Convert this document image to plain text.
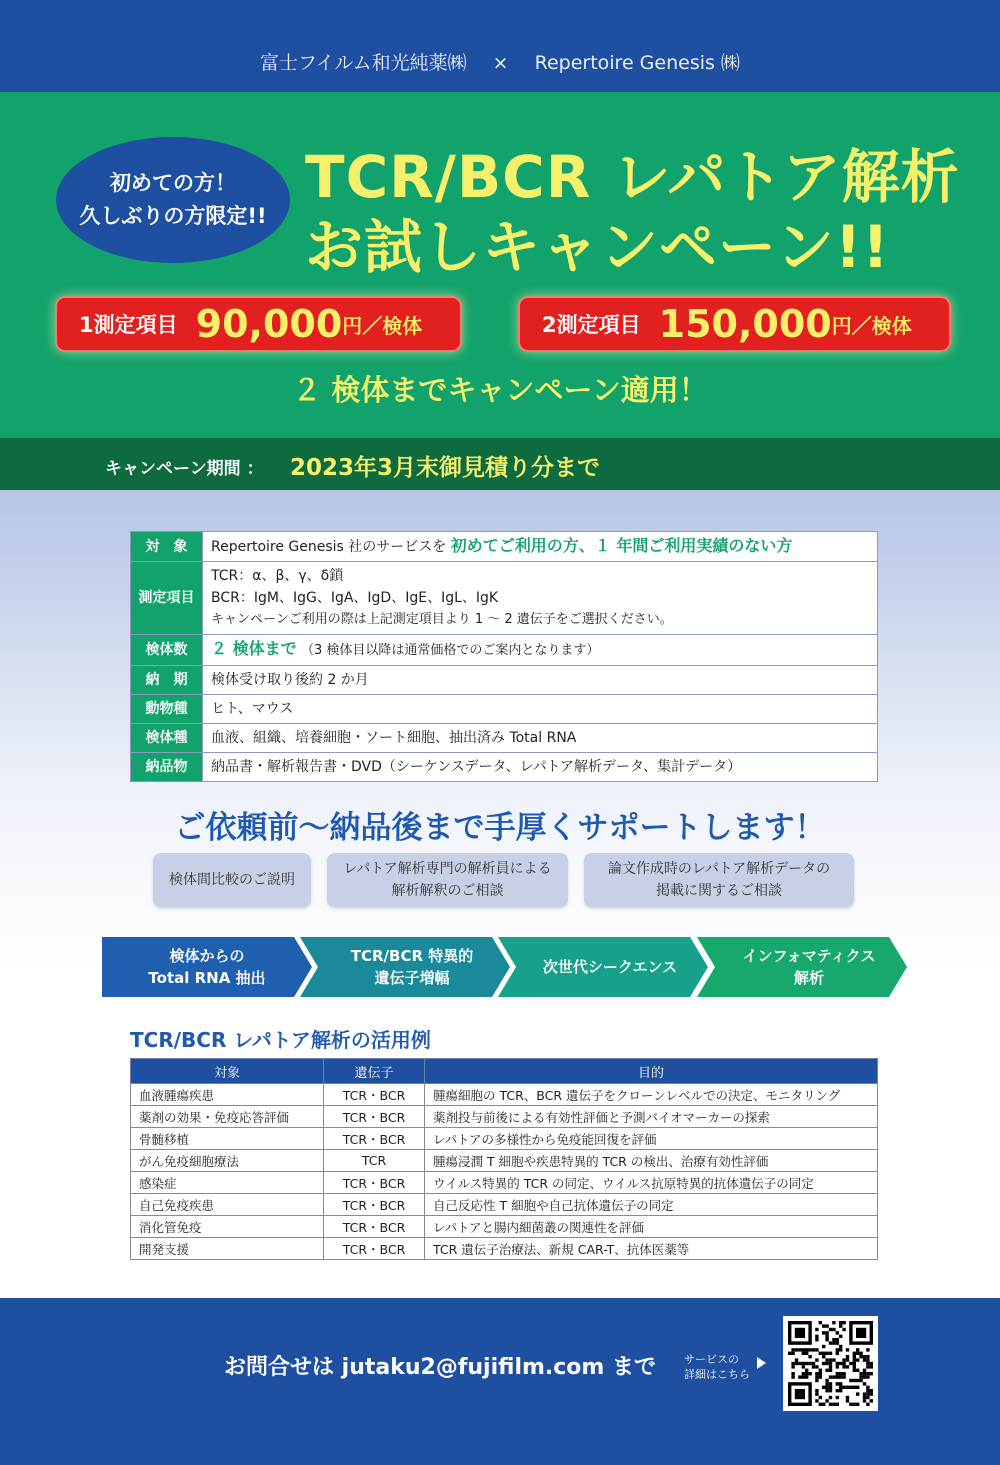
富士フイルム和光純薬㈱ × Repertoire Genesis ㈱
初めての方！
久しぶりの方限定!!
TCR/BCR レパトア解析
お試しキャンペーン!!
1測定項目 90,000 円／検体	2測定項目 150,000 円／検体
２ 検体までキャンペーン適用！
キャンペーン期間 ： 2023年3月末御見積り分まで
対　象	Repertoire Genesis 社のサービスを 初めてご利用の方、１ 年間ご利用実績のない方
測定項目	TCR：α、β、γ、δ鎖
BCR：IgM、IgG、IgA、IgD、IgE、IgL、IgK
キャンペーンご利用の際は上記測定項目より 1 ～ 2 遺伝子をご選択ください。

検体数	２ 検体まで （3 検体目以降は通常価格でのご案内となります）
納　期	検体受け取り後約 2 か月
動物種	ヒト、マウス
検体種	血液、組織、培養細胞・ソート細胞、抽出済み Total RNA
納品物	納品書・解析報告書・DVD（シーケンスデータ、レパトア解析データ、集計データ）
ご依頼前～納品後まで手厚くサポートします！
検体間比較のご説明
レパトア解析専門の解析員による
解析解釈のご相談
論文作成時のレパトア解析データの
掲載に関するご相談
検体からの
Total RNA 抽出
TCR/BCR 特異的
遺伝子増幅
次世代シークエンス
インフォマティクス
解析
TCR/BCR レパトア解析の活用例
対象	遺伝子	目的
血液腫瘍疾患	TCR・BCR	腫瘍細胞の TCR、BCR 遺伝子をクローンレベルでの決定、モニタリング
薬剤の効果・免疫応答評価	TCR・BCR	薬剤投与前後による有効性評価と予測バイオマーカーの探索
骨髄移植	TCR・BCR	レパトアの多様性から免疫能回復を評価
がん免疫細胞療法	TCR	腫瘍浸潤 T 細胞や疾患特異的 TCR の検出、治療有効性評価
感染症	TCR・BCR	ウイルス特異的 TCR の同定、ウイルス抗原特異的抗体遺伝子の同定
自己免疫疾患	TCR・BCR	自己反応性 T 細胞や自己抗体遺伝子の同定
消化管免疫	TCR・BCR	レパトアと腸内細菌叢の関連性を評価
開発支援	TCR・BCR	TCR 遺伝子治療法、新規 CAR-T、抗体医薬等
お問合せは jutaku2@fujifilm.com まで	サービスの
詳細はこちら
